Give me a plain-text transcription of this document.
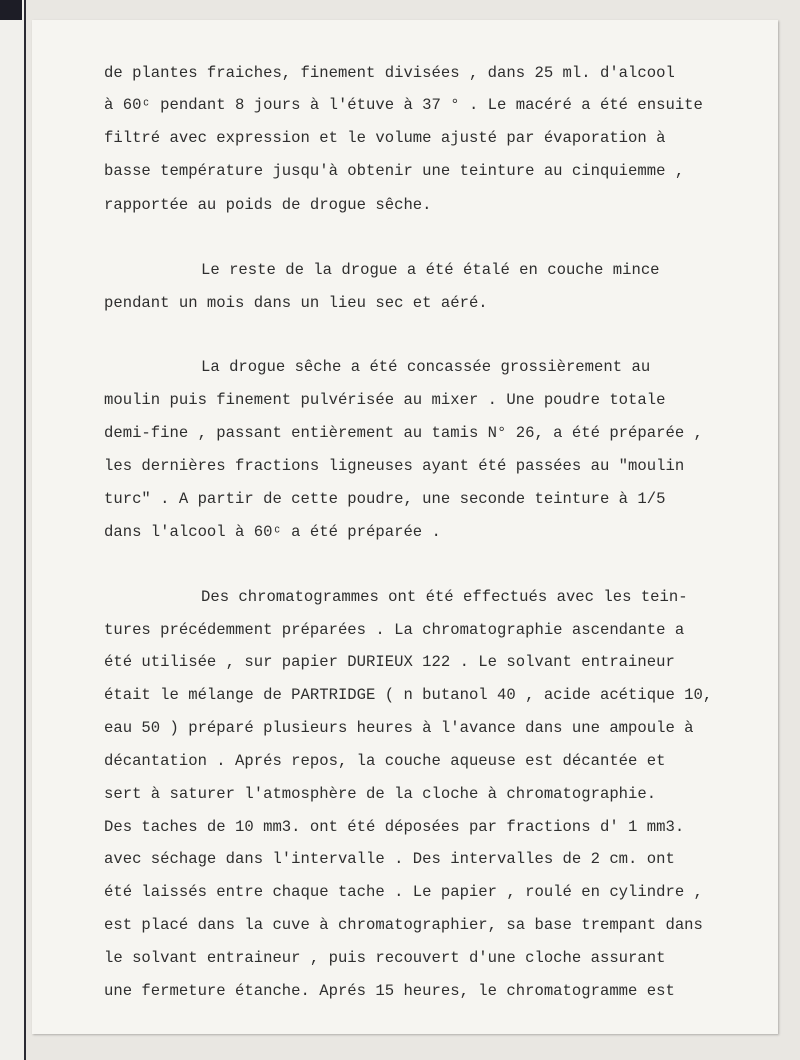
de plantes fraiches, finement divisées , dans 25 ml. d'alcool

à 60ᶜ pendant 8 jours à l'étuve à 37 ° . Le macéré a été ensuite

filtré avec expression et le volume ajusté par évaporation à

basse température jusqu'à obtenir une teinture au cinquiemme ,

rapportée au poids de drogue sêche.

Le reste de la drogue a été étalé en couche mince

pendant un mois dans un lieu sec et aéré.

La drogue sêche a été concassée grossièrement au

moulin puis finement pulvérisée au mixer . Une poudre totale

demi-fine , passant entièrement au tamis N° 26, a été préparée ,

les dernières fractions ligneuses ayant été passées au "moulin

turc" . A partir de cette poudre, une seconde teinture à 1/5

dans l'alcool à 60ᶜ a été préparée .

Des chromatogrammes ont été effectués avec les tein-

tures précédemment préparées . La chromatographie ascendante a

été utilisée , sur papier DURIEUX 122 . Le solvant entraineur

était le mélange de PARTRIDGE ( n butanol 40 , acide acétique 10,

eau 50 ) préparé plusieurs heures à l'avance dans une ampoule à

décantation . Aprés repos, la couche aqueuse est décantée et

sert à saturer l'atmosphère de la cloche à chromatographie.

Des taches de 10 mm3. ont été déposées par fractions d' 1 mm3.

avec séchage dans l'intervalle . Des intervalles de 2 cm. ont

été laissés entre chaque tache . Le papier , roulé en cylindre ,

est placé dans la cuve à chromatographier, sa base trempant dans

le solvant entraineur , puis recouvert d'une cloche assurant

une fermeture étanche. Aprés 15 heures, le chromatogramme est
